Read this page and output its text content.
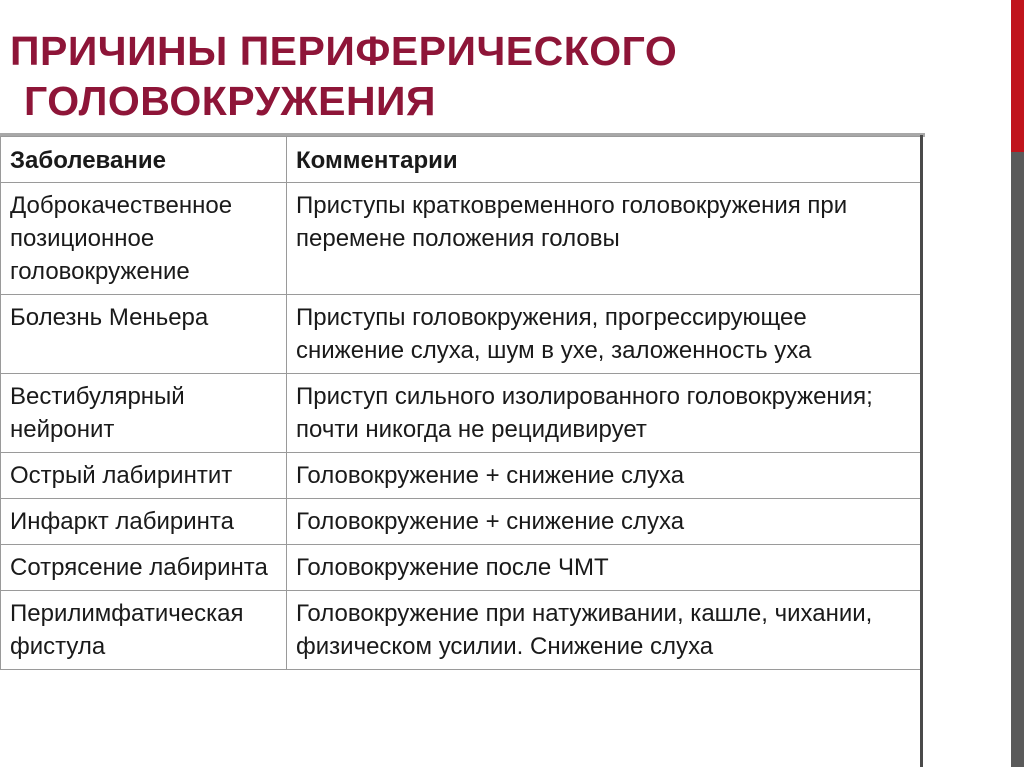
ПРИЧИНЫ ПЕРИФЕРИЧЕСКОГО
ГОЛОВОКРУЖЕНИЯ
Заболевание	Комментарии
Доброкачественное позиционное головокружение	Приступы кратковременного головокружения при перемене положения головы
Болезнь Меньера	Приступы головокружения, прогрессирующее снижение слуха, шум в ухе, заложенность уха
Вестибулярный нейронит	Приступ сильного изолированного головокружения; почти никогда не рецидивирует
Острый лабиринтит	Головокружение + снижение слуха
Инфаркт лабиринта	Головокружение + снижение слуха
Сотрясение лабиринта	Головокружение после ЧМТ
Перилимфатическая фистула	Головокружение при натуживании, кашле, чихании, физическом усилии. Снижение слуха
